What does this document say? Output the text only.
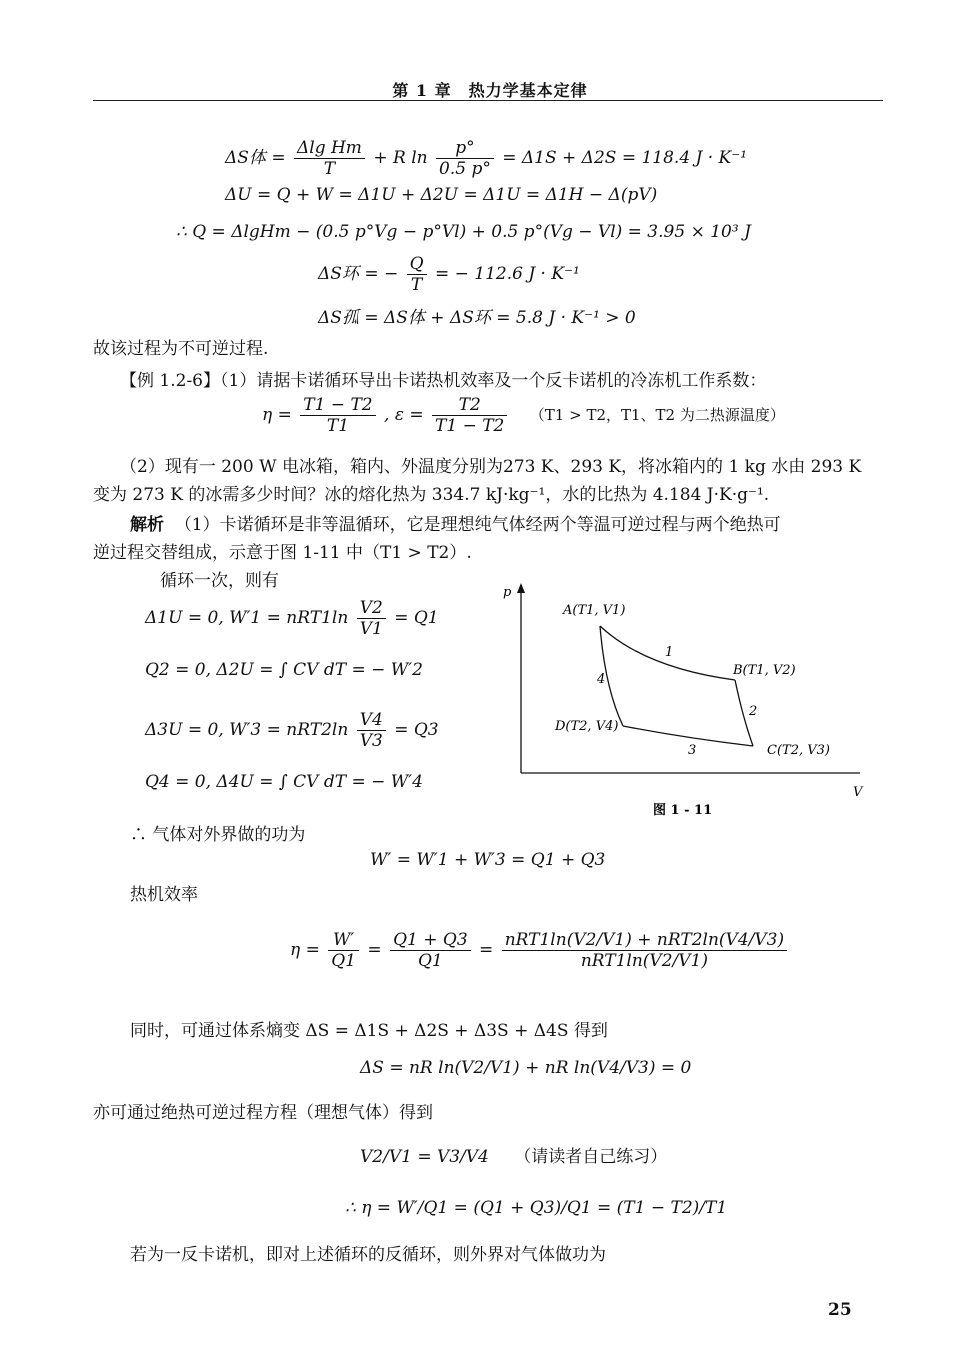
第 1 章　热力学基本定律
ΔS体 = $\frac{\text{Δlg Hm}}{T} + R$ $\ln \frac{p^\circ}{0.5 p^\circ} = \Delta 1S + \Delta 2S = 118.4$ J · K⁻¹
ΔU = Q + W = Δ1U + Δ2U = Δ1U = Δ1H − Δ(pV)
∴ Q = ΔlgHm − (0.5 p°Vg − p°Vl) + 0.5 p°(Vg − Vl) = 3.95 × 10³ J
ΔS环 = − $\frac{Q}{T}$ = − 112.6 J · K⁻¹
ΔS孤 = ΔS体 + ΔS环 = 5.8 J · K⁻¹ > 0
故该过程为不可逆过程.
【例 1.2-6】（1）请据卡诺循环导出卡诺热机效率及一个反卡诺机的冷冻机工作系数：
$\eta = \frac{T1 - T2}{T1}$ , $\varepsilon = \frac{T2}{T1 - T2} (T1 > T2$，T1、T2 为二热源温度）
（2）现有一 200 W 电冰箱，箱内、外温度分别为273 K、293 K，将冰箱内的 1 kg 水由 293 K
变为 273 K 的冰需多少时间？冰的熔化热为 334.7 kJ·kg⁻¹，水的比热为 4.184 J·K·g⁻¹.
解析 （1）卡诺循环是非等温循环，它是理想纯气体经两个等温可逆过程与两个绝热可
逆过程交替组成，示意于图 1-11 中（T1 > T2）.
循环一次，则有
Δ1U = 0, $W'1 = nRT1\ln \frac{V2}{V1} = Q1$
Q2 = 0, Δ2U = ∫ CV dT = − W′2
Δ3U = 0, $W'3 = nRT2\ln \frac{V4}{V3} = Q3$
Q4 = 0, Δ4U = ∫ CV dT = − W′4
p
V
A(T1, V1)
B(T1, V2)
C(T2, V3)
D(T2, V4)
1
2
3
4
图 1 - 11
∴ 气体对外界做的功为
W′ = W′1 + W′3 = Q1 + Q3
热机效率
$\eta = \frac{W'}{Q1} = \frac{Q1 + Q3}{Q1} = \frac{\text{nRT1ln(V2/V1) + nRT2ln(V4/V3)}}{\text{nRT1ln(V2/V1)}}$
同时，可通过体系熵变 ΔS = Δ1S + Δ2S + Δ3S + Δ4S 得到
ΔS = nR ln(V2/V1) + nR ln(V4/V3) = 0
亦可通过绝热可逆过程方程（理想气体）得到
V2/V1 = V3/V4 （请读者自己练习）
∴ η = W′/Q1 = (Q1 + Q3)/Q1 = (T1 − T2)/T1
若为一反卡诺机，即对上述循环的反循环，则外界对气体做功为
25
